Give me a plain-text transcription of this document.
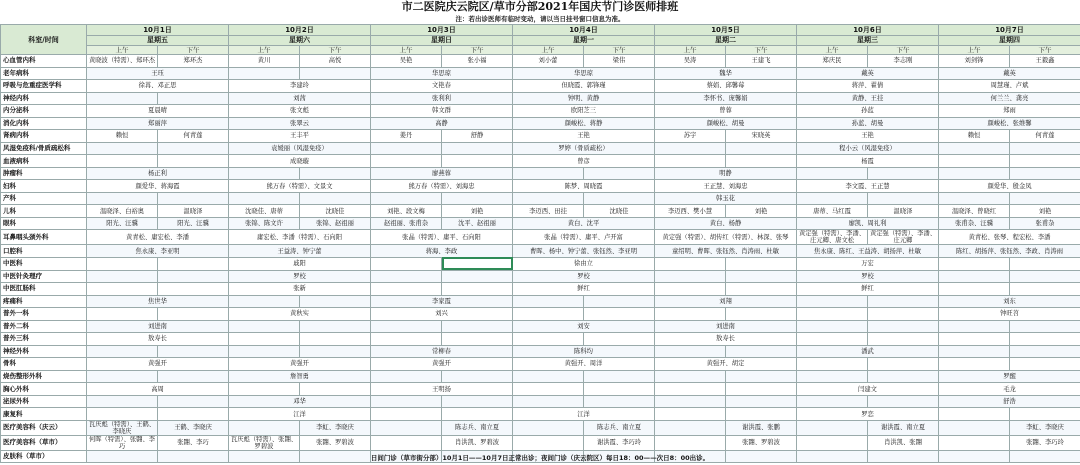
市二医院庆云院区/草市分部2021年国庆节门诊医师排班
注：若出诊医师有临时变动，请以当日挂号窗口信息为准。
科室/时间	10月1日		10月2日		10月3日		10月4日		10月5日		10月6日		10月7日	
	星期五		星期六		星期日		星期一		星期二		星期三		星期四	
	上午	下午	上午	下午	上午	下午	上午	下午	上午	下午	上午	下午	上午	下午
心血管内科	黄晓波（特需）、郑环杰	郑环杰	黄川	高悦	吴艳	张小福	刘小蕾	梁伟	吴涛	王建飞	郑庆民	李志刚	刘剑锋	王毅鑫
老年病科	王珏				华思琼		华思琼		魏华		戴英		戴英	
呼吸与危重症医学科	徐苒、邓正思		李建玲		文艳春		但晓霞、郭锋瑾		蔡娟、邱馨莓		蒋萍、翟倩		周慧瑾、卢斌	
神经内科			刘茜		张利利		钟明、黄静		李怀书、庞馨娟		黄静、王挂		何兰兰、龚亮	
内分泌科	夏晨晴		张文彪		韩文群		欧阳芝三		曾蓉		孙蓝		郑雨	
消化内科	郑丽萍		张翠云		高静		颜峻松、蒋静		颜峻松、胡曼		孙蓝、胡曼		颜峻松、张维馨	
肾病内科	赖恒	何青莲	王丰平		姜丹	舒静	王艳		苏宇	宋晓英	王艳		赖恒	何青莲
风湿免疫科/骨质疏松科			袁媛丽（风湿免疫）				罗婷（骨质疏松）				程小云（风湿免疫）			
血液病科			成晓璇				曾彦				杨霞			
肿瘤科	杨正利				廖燕蓉				明静					
妇科	颜爱华、蒋海霞		熊万春（特需）、文景文		熊万春（特需）、刘海忠		陈梦、周晓霞		王正慧、刘海忠		李文霞、王正慧		颜爱华、殷金凤	
产科									韩玉花					
儿科	温晓泽、白裕奥	温晓泽	沈晓佳、唐蒂	沈晓佳	刘艳、段文梅	刘艳	李迈西、田挂	沈晓佳	李迈西、樊小慧	刘艳	唐蒂、马红霞	温晓泽	温晓泽、曾晓红	刘艳
眼科	阳光、汪骥	阳光、汪骥	张锦、陈文许	张锦、赵祖丽	赵祖丽、张甫杂	沈平、赵祖丽	黄白、沈平		黄白、杨静		廖凯、周礼利		张甫杂、汪骥	张甫杂
耳鼻咽头颈外科	黄青松、庸宏松、李潘		庸宏松、李潘（特需）、石向阳		张晶（特需）、庸平、石向阳		张晶（特需）、庸平、卢开富		黄定强（特需）、胡传红（特需）、林深、张琴		黄定强（特需）、李潘、庄元卿、唐文松	黄定强（特需）、李潘、庄元卿	黄青松、张琴、程宏松、李潘	
口腔科	焦永康、李亚明		王益涛、钟宁蕾		蒋海、李政		曹晖、杨中、钟宁蕾、张钰然、李亚明		童绍明、曹晖、张钰然、肖涛雨、杜敏		焦永康、陈红、王益涛、胡扬萍、杜敏		陈红、胡扬萍、张钰然、李政、肖涛雨	
中医科			戚阳				徐由立				万宏			
中医针灸理疗			罗校				罗校				罗校			
中医肛肠科			张新				鲜红				鲜红			
疼痛科	焦世华				李家霞				刘翔				刘东	
普外一科			黄秋实		刘兴								钟旺苕	
普外二科	刘进南						刘安		刘进南					
普外三科	敖寿长								敖寿长					
神经外科					常柳春		陈科均				潘武			
骨科	黄强开		黄强开		黄强开		黄强开、周洋		黄强开、胡定					
烧伤整形外科			詹智勇										罗醒	
胸心外科	高周				王明扬						闫建文		毛龙	
泌尿外科			邓华										舒浩	
康复科			江洋				江洋				罗恋			
医疗美容科（庆云）	瓦庆彪（特需）、王鹤、李晓庆	王鹤、李晓庆		李虹、李晓庆		陈志兵、南立夏		陈志兵、南立夏		谢洪霞、张鹏		谢洪霞、南立夏		李虹、李晓庆
医疗美容科（草市）	何晖（特需）、张翾、李巧	张翾、李巧	瓦庆彪（特需）、张翾、罗碧波	张翾、罗碧波		肖洪凯、罗碧波		谢洪霞、李巧玲		张翾、罗碧波		肖洪凯、张翾		张翾、李巧玲
皮肤科（草市）															日间门诊（草市街分部）10月1日——10月7日正常出诊；夜间门诊（庆云院区）每日18：00——次日8：00出诊。
